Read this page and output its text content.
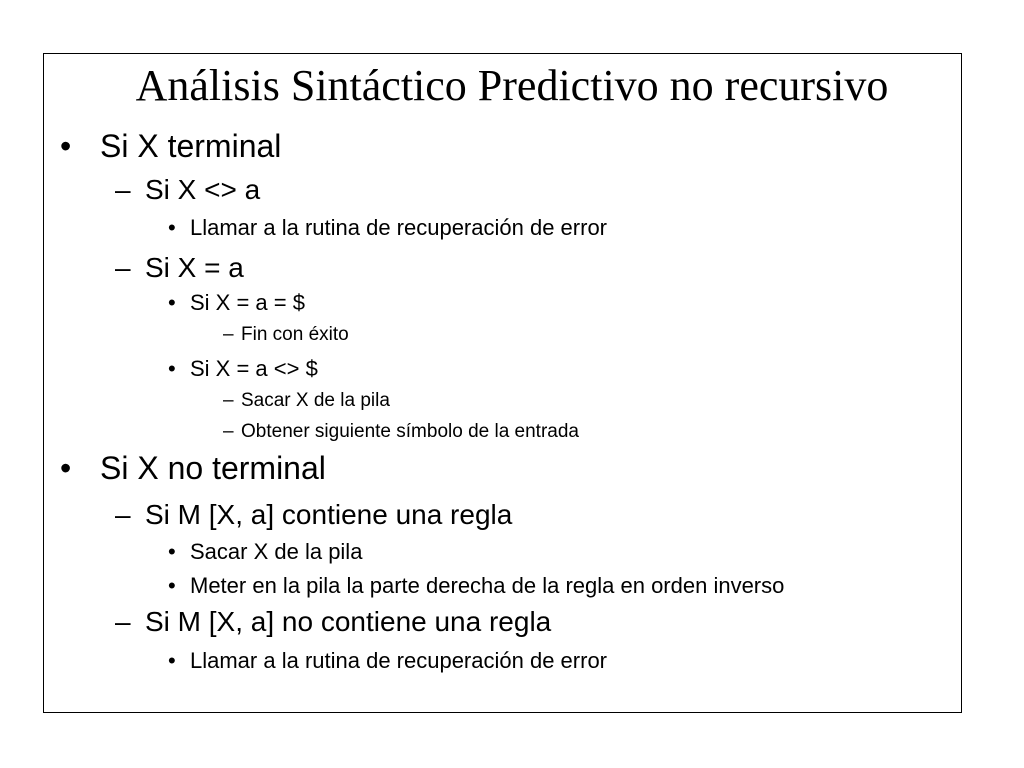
Análisis Sintáctico Predictivo no recursivo
• Si X terminal
– Si X <> a
• Llamar a la rutina de recuperación de error
– Si X = a
• Si X = a = $
– Fin con éxito
• Si X = a <> $
– Sacar X de la pila
– Obtener siguiente símbolo de la entrada
• Si X no terminal
– Si M [X, a] contiene una regla
• Sacar X de la pila
• Meter en la pila la parte derecha de la regla en orden inverso
– Si M [X, a] no contiene una regla
• Llamar a la rutina de recuperación de error
